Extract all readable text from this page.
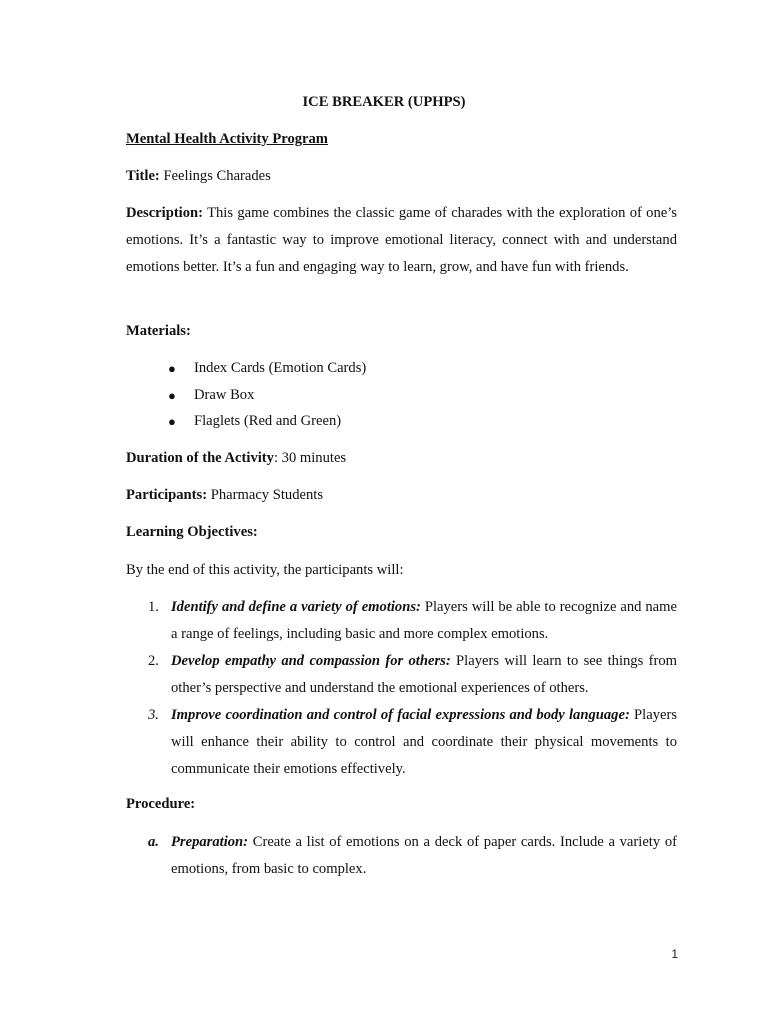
ICE BREAKER (UPHPS)

Mental Health Activity Program

Title: Feelings Charades

Description: This game combines the classic game of charades with the exploration of one’s emotions. It’s a fantastic way to improve emotional literacy, connect with and understand emotions better. It’s a fun and engaging way to learn, grow, and have fun with friends.

Materials:

● Index Cards (Emotion Cards)
● Draw Box
● Flaglets (Red and Green)

Duration of the Activity: 30 minutes

Participants: Pharmacy Students

Learning Objectives:

By the end of this activity, the participants will:

1. Identify and define a variety of emotions: Players will be able to recognize and name a range of feelings, including basic and more complex emotions.
2. Develop empathy and compassion for others: Players will learn to see things from other’s perspective and understand the emotional experiences of others.
3. Improve coordination and control of facial expressions and body language: Players will enhance their ability to control and coordinate their physical movements to communicate their emotions effectively.

Procedure:

a. Preparation: Create a list of emotions on a deck of paper cards. Include a variety of emotions, from basic to complex.
1
